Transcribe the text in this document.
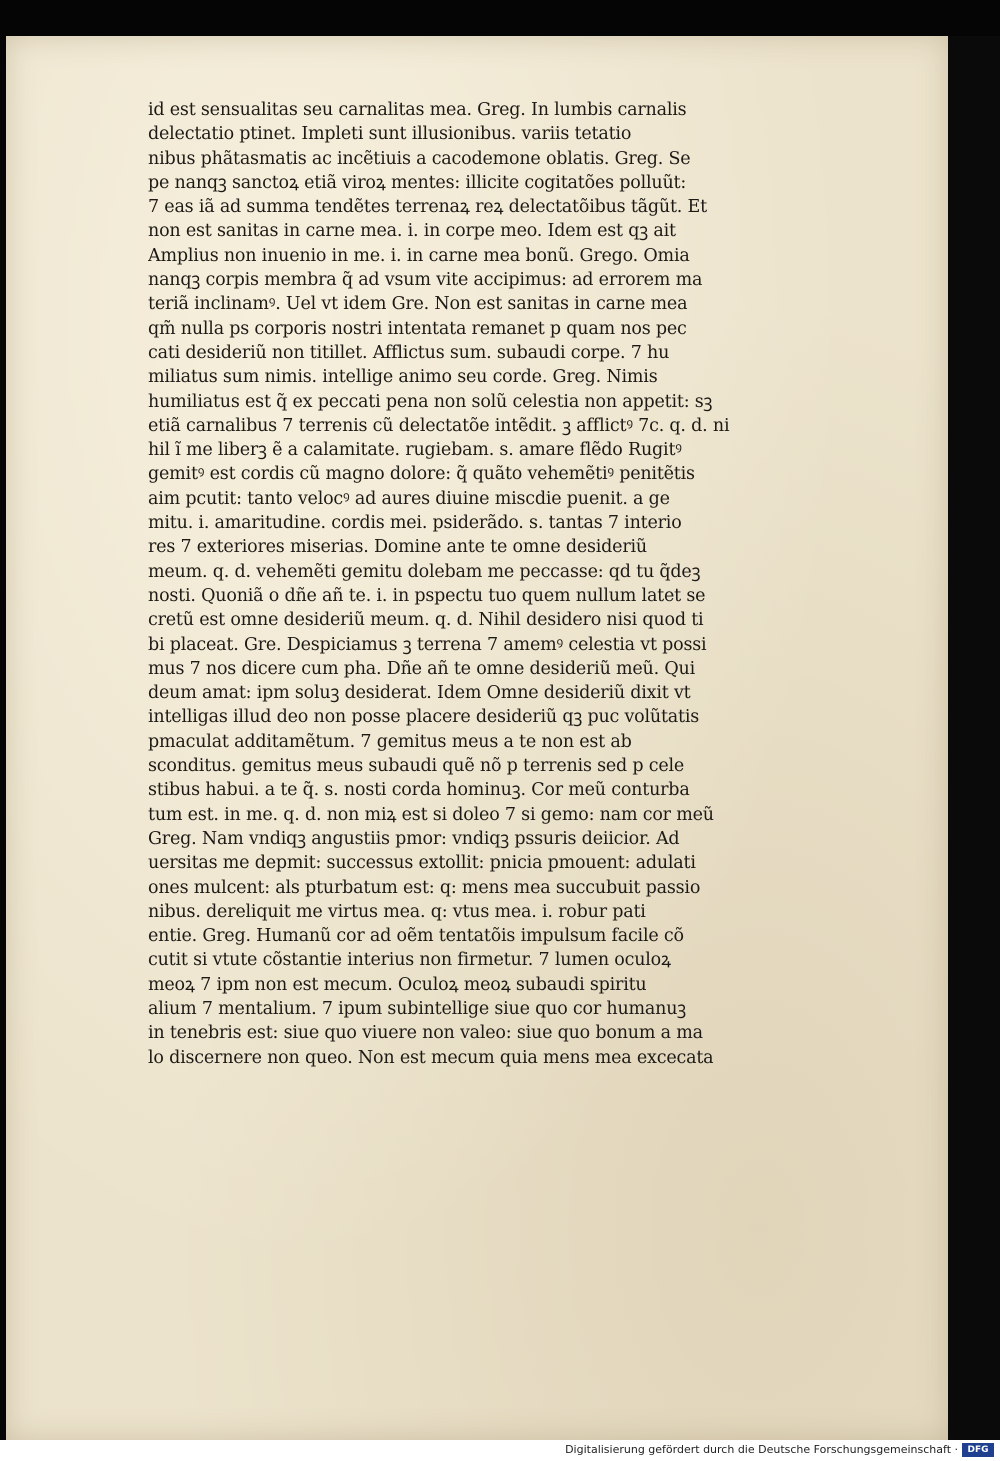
id est sensualitas seu carnalitas mea. Greg. In lumbis carnalis
delectatio ptinet. Impleti sunt illusionibus. variis tetatio
nibus phãtasmatis ac incẽtiuis a cacodemone oblatis. Greg. Se
pe nanqꝫ sanctoꝝ etiã viroꝝ mentes: illicite cogitatões polluũt:
7 eas iã ad summa tendẽtes terrenaꝝ reꝝ delectatõibus tãgũt. Et
non est sanitas in carne mea. i. in corpe meo. Idem est qꝫ ait
Amplius non inuenio in me. i. in carne mea bonũ. Grego. Omia
nanqꝫ corpis membra q̃ ad vsum vite accipimus: ad errorem ma
teriã inclinamꝰ. Uel vt idem Gre. Non est sanitas in carne mea
qm̃ nulla ps corporis nostri intentata remanet p quam nos pec
cati desideriũ non titillet. Afflictus sum. subaudi corpe. 7 hu
miliatus sum nimis. intellige animo seu corde. Greg. Nimis
humiliatus est q̃ ex peccati pena non solũ celestia non appetit: sꝫ
etiã carnalibus 7 terrenis cũ delectatõe intẽdit. ꝫ afflictꝰ 7c. q. d. ni
hil ĩ me liberꝫ ẽ a calamitate. rugiebam. s. amare flẽdo Rugitꝰ
gemitꝰ est cordis cũ magno dolore: q̃ quãto vehemẽtiꝰ penitẽtis
aim pcutit: tanto velocꝰ ad aures diuine miscdie puenit. a ge
mitu. i. amaritudine. cordis mei. psiderãdo. s. tantas 7 interio
res 7 exteriores miserias. Domine ante te omne desideriũ
meum. q. d. vehemẽti gemitu dolebam me peccasse: qd tu q̃deꝫ
nosti. Quoniã o dñe añ te. i. in pspectu tuo quem nullum latet se
cretũ est omne desideriũ meum. q. d. Nihil desidero nisi quod ti
bi placeat. Gre. Despiciamus ꝫ terrena 7 amemꝰ celestia vt possi
mus 7 nos dicere cum pha. Dñe añ te omne desideriũ meũ. Qui
deum amat: ipm soluꝫ desiderat. Idem Omne desideriũ dixit vt
intelligas illud deo non posse placere desideriũ qꝫ puc volũtatis
pmaculat additamẽtum. 7 gemitus meus a te non est ab
sconditus. gemitus meus subaudi quẽ nõ p terrenis sed p cele
stibus habui. a te q̃. s. nosti corda hominuꝫ. Cor meũ conturba
tum est. in me. q. d. non miꝝ est si doleo 7 si gemo: nam cor meũ
Greg. Nam vndiqꝫ angustiis pmor: vndiqꝫ pssuris deiicior. Ad
uersitas me depmit: successus extollit: pnicia pmouent: adulati
ones mulcent: als pturbatum est: q: mens mea succubuit passio
nibus. dereliquit me virtus mea. q: vtus mea. i. robur pati
entie. Greg. Humanũ cor ad oẽm tentatõis impulsum facile cõ
cutit si vtute cõstantie interius non firmetur. 7 lumen oculoꝝ
meoꝝ 7 ipm non est mecum. Oculoꝝ meoꝝ subaudi spiritu
alium 7 mentalium. 7 ipum subintellige siue quo cor humanuꝫ
in tenebris est: siue quo viuere non valeo: siue quo bonum a ma
lo discernere non queo. Non est mecum quia mens mea excecata
Digitalisierung gefördert durch die Deutsche Forschungsgemeinschaft ·	DFG
